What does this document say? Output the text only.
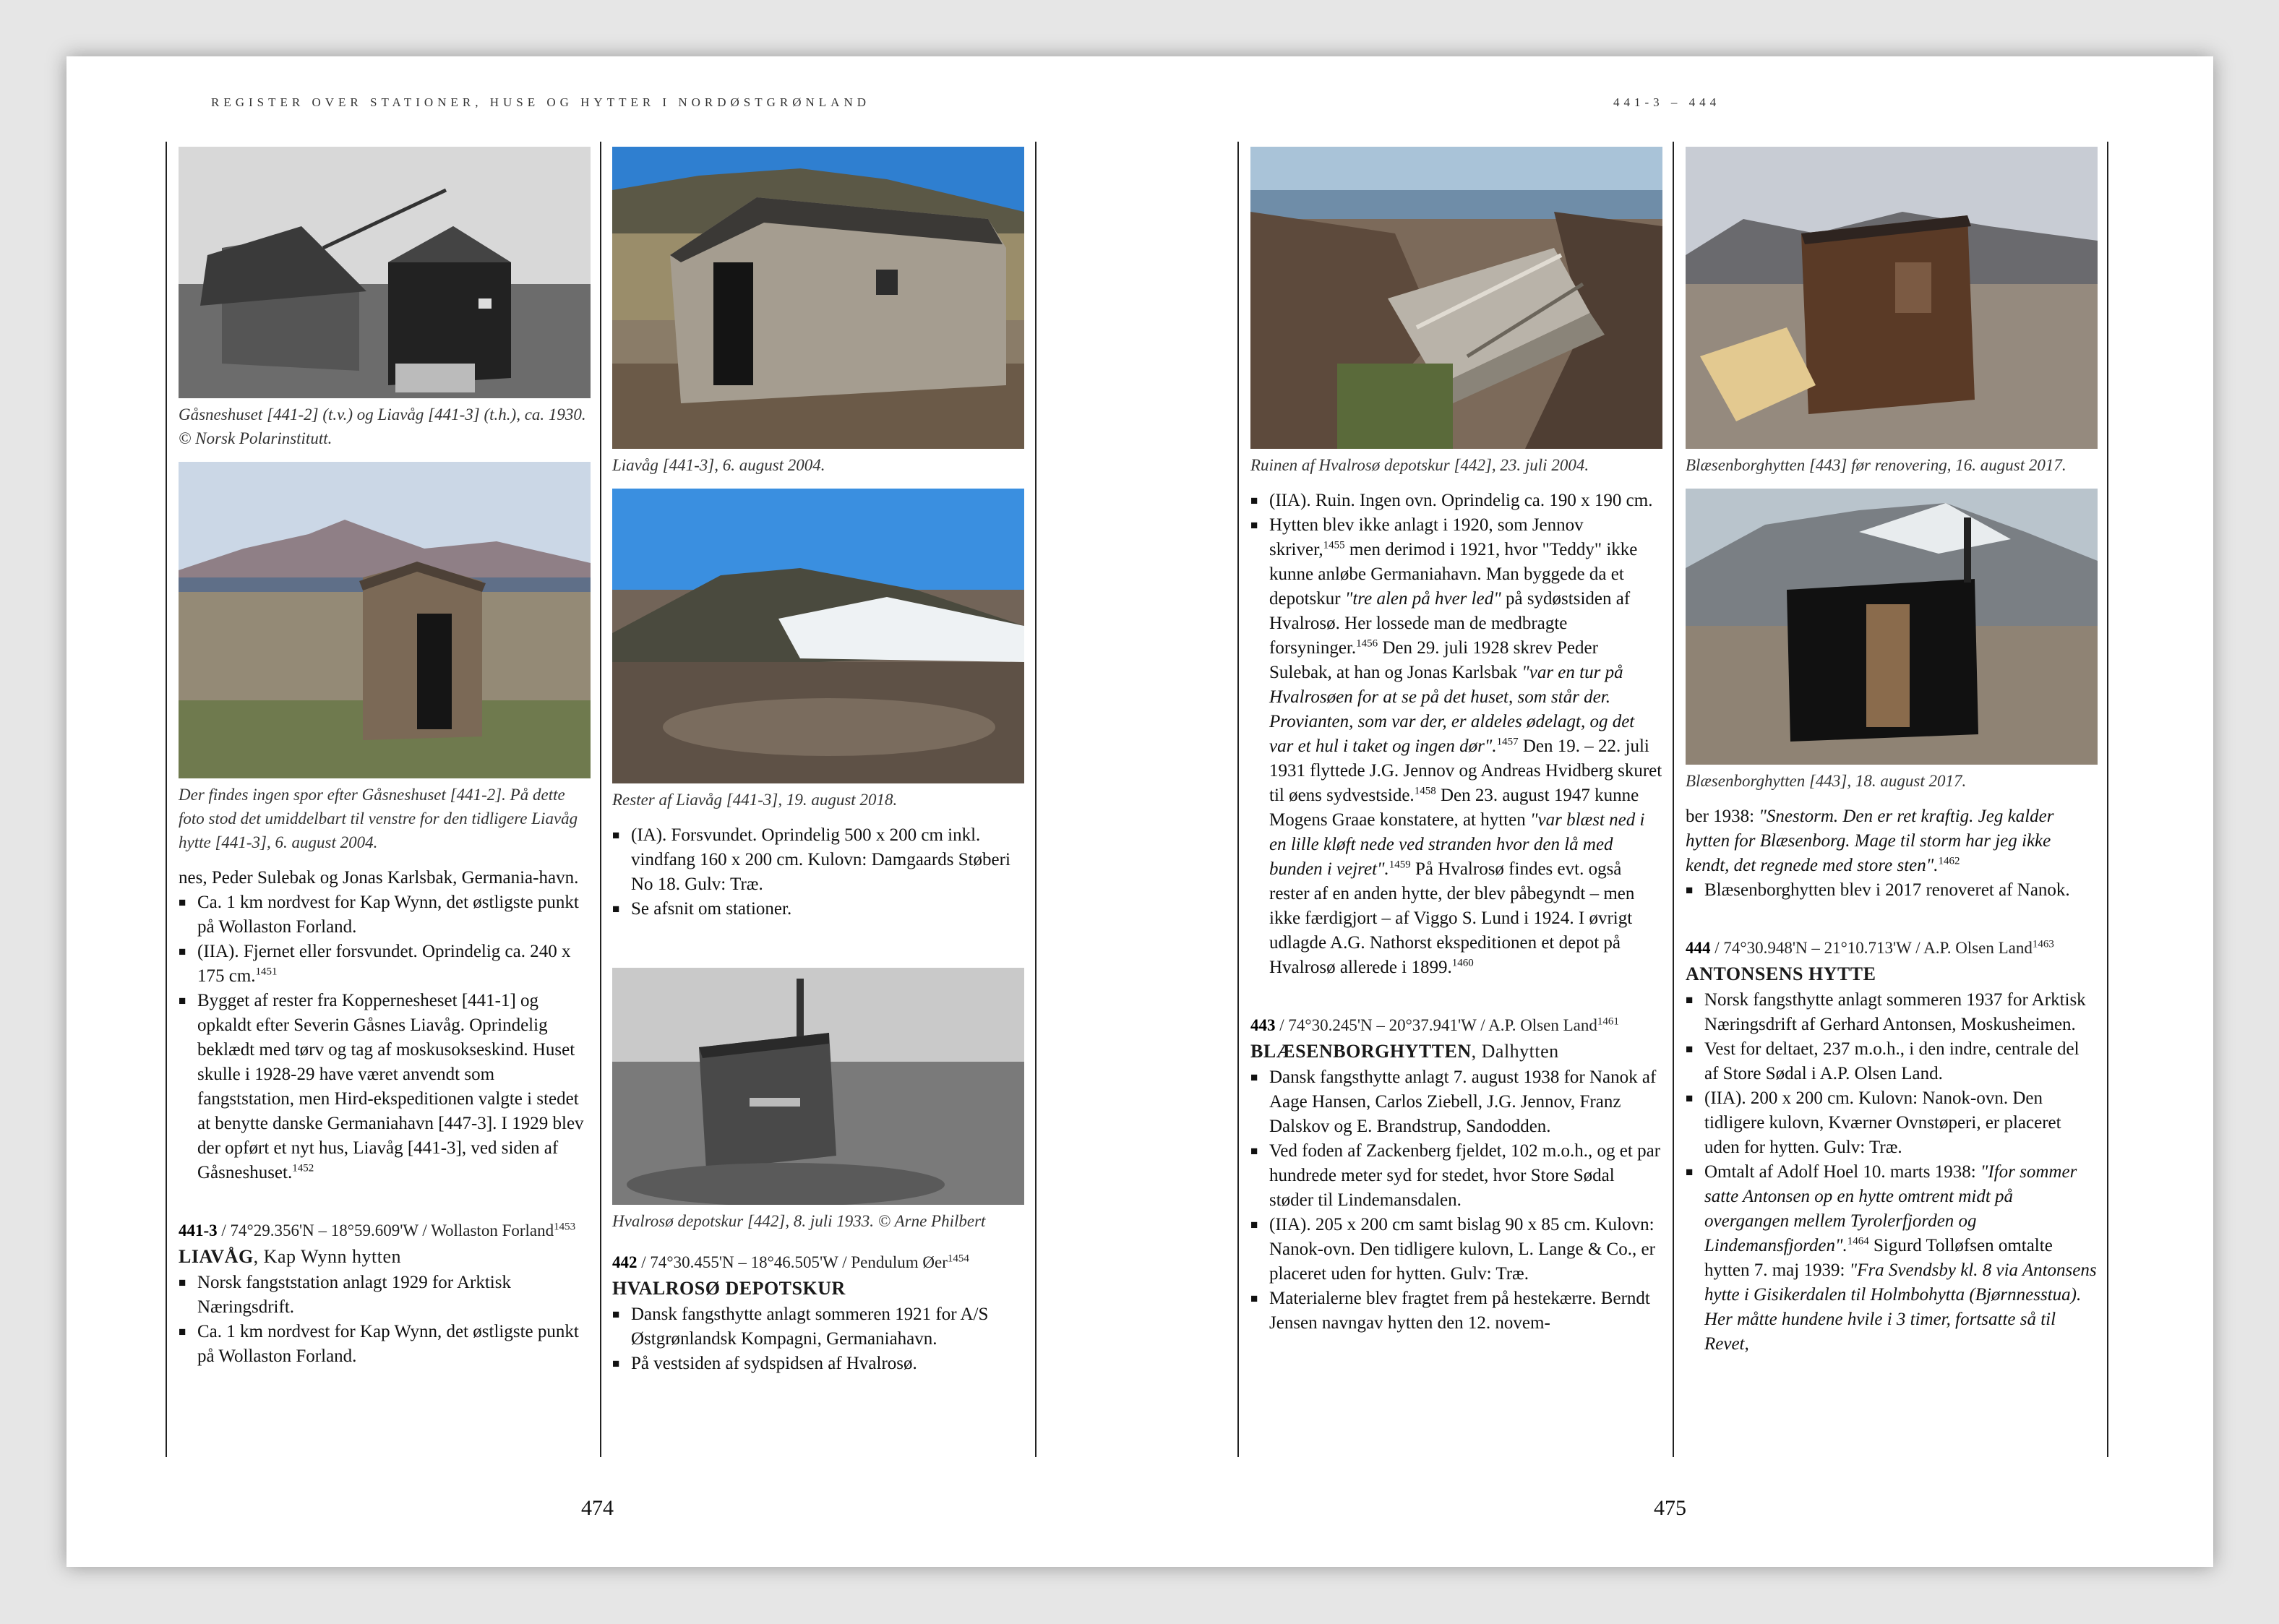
REGISTER OVER STATIONER, HUSE OG HYTTER I NORDØSTGRØNLAND	441-3 – 444
Gåsneshuset [441-2] (t.v.) og Liavåg [441-3] (t.h.), ca. 1930. © Norsk Polarinstitutt.
Der findes ingen spor efter Gåsneshuset [441-2]. På dette foto stod det umiddelbart til venstre for den tidligere Liavåg hytte [441-3], 6. august 2004.

nes, Peder Sulebak og Jonas Karlsbak, Germania-havn.

■ Ca. 1 km nordvest for Kap Wynn, det østligste punkt på Wollaston Forland.

■ (IIA). Fjernet eller forsvundet. Oprindelig ca. 240 x 175 cm.$^{1451}$

■ Bygget af rester fra Koppernesheset [441-1] og opkaldt efter Severin Gåsnes Liavåg. Oprindelig beklædt med tørv og tag af moskusokseskind. Huset skulle i 1928-29 have været anvendt som fangststation, men Hird-ekspeditionen valgte i stedet at benytte danske Germaniahavn [447-3]. I 1929 blev der opført et nyt hus, Liavåg [441-3], ved siden af Gåsneshuset.$^{1452}$

441-3 / 74°29.356'N – 18°59.609'W / Wollaston Forland$^{1453}$
LIAVÅG, Kap Wynn hytten

■ Norsk fangststation anlagt 1929 for Arktisk Næringsdrift.

■ Ca. 1 km nordvest for Kap Wynn, det østligste punkt på Wollaston Forland.

Liavåg [441-3], 6. august 2004.
Rester af Liavåg [441-3], 19. august 2018.

■ (IA). Forsvundet. Oprindelig 500 x 200 cm inkl. vindfang 160 x 200 cm. Kulovn: Damgaards Støberi No 18. Gulv: Træ.

■ Se afsnit om stationer.

Hvalrosø depotskur [442], 8. juli 1933. © Arne Philbert
442 / 74°30.455'N – 18°46.505'W / Pendulum Øer$^{1454}$
HVALROSØ DEPOTSKUR

■ Dansk fangsthytte anlagt sommeren 1921 for A/S Østgrønlandsk Kompagni, Germaniahavn.

■ På vestsiden af sydspidsen af Hvalrosø.

Ruinen af Hvalrosø depotskur [442], 23. juli 2004.

■ (IIA). Ruin. Ingen ovn. Oprindelig ca. 190 x 190 cm.

■ Hytten blev ikke anlagt i 1920, som Jennov skriver,$^{1455}$ men derimod i 1921, hvor "Teddy" ikke kunne anløbe Germaniahavn. Man byggede da et depotskur "tre alen på hver led" på sydøstsiden af Hvalrosø. Her lossede man de medbragte forsyninger.$^{1456}$ Den 29. juli 1928 skrev Peder Sulebak, at han og Jonas Karlsbak "var en tur på Hvalrosøen for at se på det huset, som står der. Provianten, som var der, er aldeles ødelagt, og det var et hul i taket og ingen dør".$^{1457}$ Den 19. – 22. juli 1931 flyttede J.G. Jennov og Andreas Hvidberg skuret til øens sydvestside.$^{1458}$ Den 23. august 1947 kunne Mogens Graae konstatere, at hytten "var blæst ned i en lille kløft nede ved stranden hvor den lå med bunden i vejret".$^{1459}$ På Hvalrosø findes evt. også rester af en anden hytte, der blev påbegyndt – men ikke færdigjort – af Viggo S. Lund i 1924. I øvrigt udlagde A.G. Nathorst ekspeditionen et depot på Hvalrosø allerede i 1899.$^{1460}$

443 / 74°30.245'N – 20°37.941'W / A.P. Olsen Land$^{1461}$
BLÆSENBORGHYTTEN, Dalhytten

■ Dansk fangsthytte anlagt 7. august 1938 for Nanok af Aage Hansen, Carlos Ziebell, J.G. Jennov, Franz Dalskov og E. Brandstrup, Sandodden.

■ Ved foden af Zackenberg fjeldet, 102 m.o.h., og et par hundrede meter syd for stedet, hvor Store Sødal støder til Lindemansdalen.

■ (IIA). 205 x 200 cm samt bislag 90 x 85 cm. Kulovn: Nanok-ovn. Den tidligere kulovn, L. Lange & Co., er placeret uden for hytten. Gulv: Træ.

■ Materialerne blev fragtet frem på hestekærre. Berndt Jensen navngav hytten den 12. novem-

Blæsenborghytten [443] før renovering, 16. august 2017.
Blæsenborghytten [443], 18. august 2017.

ber 1938: "Snestorm. Den er ret kraftig. Jeg kalder hytten for Blæsenborg. Mage til storm har jeg ikke kendt, det regnede med store sten".$^{1462}$

■ Blæsenborghytten blev i 2017 renoveret af Nanok.

444 / 74°30.948'N – 21°10.713'W / A.P. Olsen Land$^{1463}$
ANTONSENS HYTTE

■ Norsk fangsthytte anlagt sommeren 1937 for Arktisk Næringsdrift af Gerhard Antonsen, Moskusheimen.

■ Vest for deltaet, 237 m.o.h., i den indre, centrale del af Store Sødal i A.P. Olsen Land.

■ (IIA). 200 x 200 cm. Kulovn: Nanok-ovn. Den tidligere kulovn, Kværner Ovnstøperi, er placeret uden for hytten. Gulv: Træ.

■ Omtalt af Adolf Hoel 10. marts 1938: "Ifor sommer satte Antonsen op en hytte omtrent midt på overgangen mellem Tyrolerfjorden og Lindemansfjorden".$^{1464}$ Sigurd Tolløfsen omtalte hytten 7. maj 1939: "Fra Svendsby kl. 8 via Antonsens hytte i Gisikerdalen til Holmbohytta (Bjørnnesstua). Her måtte hundene hvile i 3 timer, fortsatte så til Revet,

474	475
